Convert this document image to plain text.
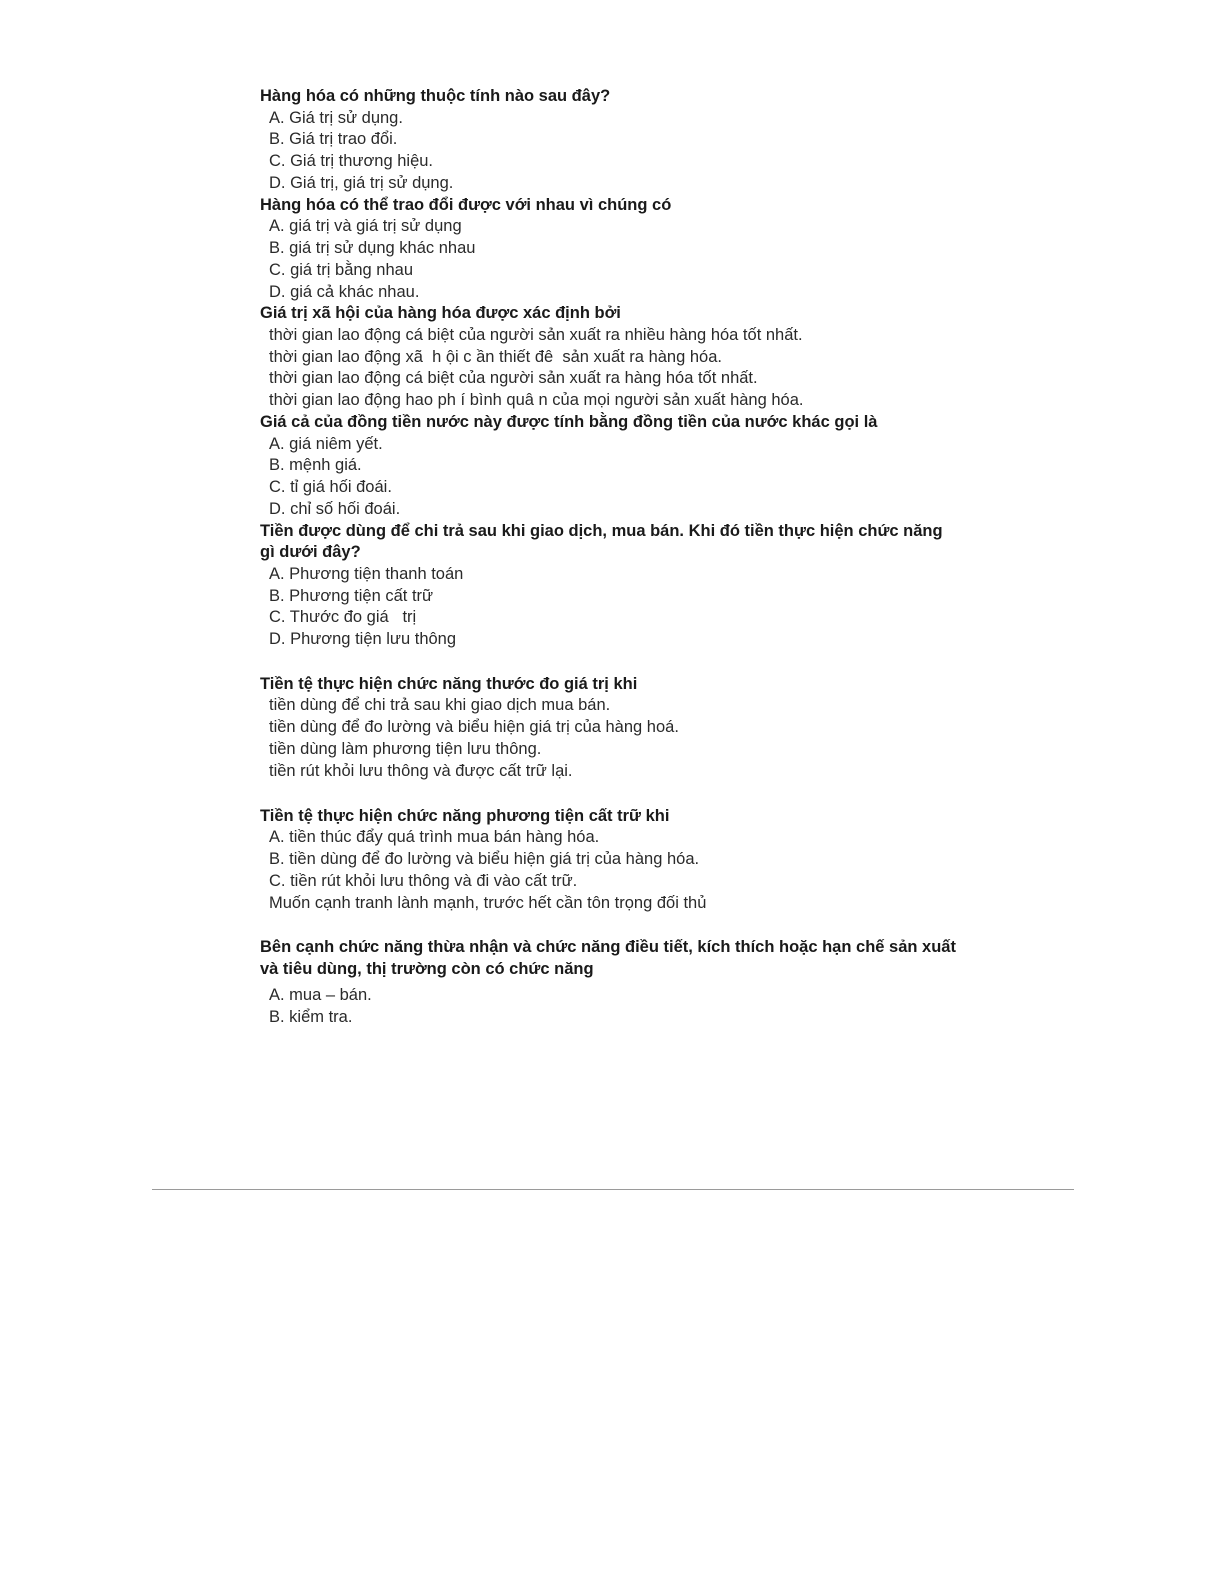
Hàng hóa có những thuộc tính nào sau đây?

A. Giá trị sử dụng.

B. Giá trị trao đổi.

C. Giá trị thương hiệu.

D. Giá trị, giá trị sử dụng.

Hàng hóa có thể trao đổi được với nhau vì chúng có

A. giá trị và giá trị sử dụng

B. giá trị sử dụng khác nhau

C. giá trị bằng nhau

D. giá cả khác nhau.

Giá trị xã hội của hàng hóa được xác định bởi

thời gian lao động cá biệt của người sản xuất ra nhiều hàng hóa tốt nhất.

thời gian lao động xã  h ội c ần thiết đê  sản xuất ra hàng hóa.

thời gian lao động cá biệt của người sản xuất ra hàng hóa tốt nhất.

thời gian lao động hao ph í bình quâ n của mọi người sản xuất hàng hóa.

Giá cả của đồng tiền nước này được tính bằng đồng tiền của nước khác gọi là

A. giá niêm yết.

B. mệnh giá.

C. tỉ giá hối đoái.

D. chỉ số hối đoái.

Tiền được dùng để chi trả sau khi giao dịch, mua bán. Khi đó tiền thực hiện chức năng

gì dưới đây?

A. Phương tiện thanh toán

B. Phương tiện cất trữ

C. Thước đo giá   trị

D. Phương tiện lưu thông

Tiền tệ thực hiện chức năng thước đo giá trị khi

tiền dùng để chi trả sau khi giao dịch mua bán.

tiền dùng để đo lường và biểu hiện giá trị của hàng hoá.

tiền dùng làm phương tiện lưu thông.

tiền rút khỏi lưu thông và được cất trữ lại.

Tiền tệ thực hiện chức năng phương tiện cất trữ khi

A. tiền thúc đẩy quá trình mua bán hàng hóa.

B. tiền dùng để đo lường và biểu hiện giá trị của hàng hóa.

C. tiền rút khỏi lưu thông và đi vào cất trữ.

Muốn cạnh tranh lành mạnh, trước hết cần tôn trọng đối thủ

Bên cạnh chức năng thừa nhận và chức năng điều tiết, kích thích hoặc hạn chế sản xuất

và tiêu dùng, thị trường còn có chức năng

A. mua – bán.

B. kiểm tra.
